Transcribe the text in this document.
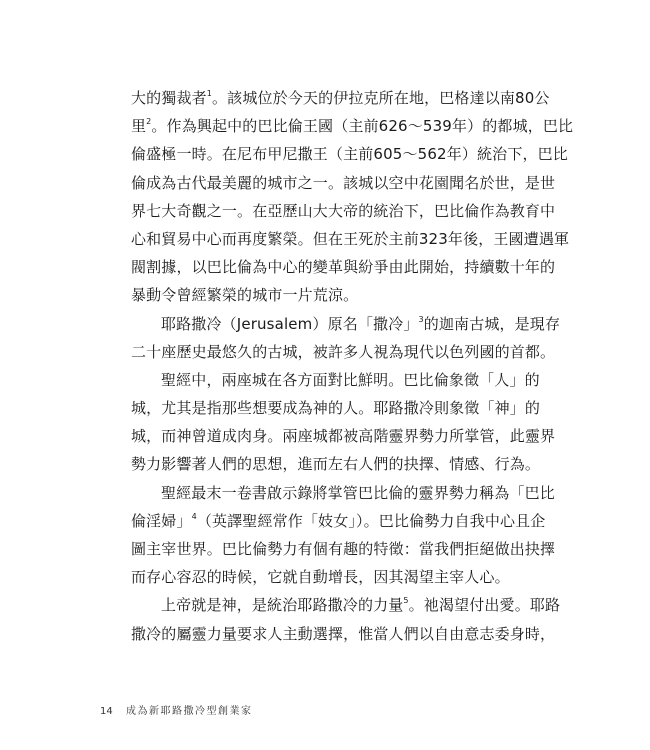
大的獨裁者$^1$。該城位於今天的伊拉克所在地，巴格達以南80公
里$^2$。作為興起中的巴比倫王國（主前626～539年）的都城，巴比
倫盛極一時。在尼布甲尼撒王（主前605～562年）統治下，巴比
倫成為古代最美麗的城市之一。該城以空中花園聞名於世，是世
界七大奇觀之一。在亞歷山大大帝的統治下，巴比倫作為教育中
心和貿易中心而再度繁榮。但在王死於主前323年後，王國遭遇軍
閥割據，以巴比倫為中心的變革與紛爭由此開始，持續數十年的
暴動令曾經繁榮的城市一片荒涼。
耶路撒冷（Jerusalem）原名「撒冷」$^3$的迦南古城，是現存
二十座歷史最悠久的古城，被許多人視為現代以色列國的首都。
聖經中，兩座城在各方面對比鮮明。巴比倫象徵「人」的
城，尤其是指那些想要成為神的人。耶路撒冷則象徵「神」的
城，而神曾道成肉身。兩座城都被高階靈界勢力所掌管，此靈界
勢力影響著人們的思想，進而左右人們的抉擇、情感、行為。
聖經最末一卷書啟示錄將掌管巴比倫的靈界勢力稱為「巴比
倫淫婦」$^4$（英譯聖經常作「妓女」）。巴比倫勢力自我中心且企
圖主宰世界。巴比倫勢力有個有趣的特徵：當我們拒絕做出抉擇
而存心容忍的時候，它就自動增長，因其渴望主宰人心。
上帝就是神，是統治耶路撒冷的力量$^5$。祂渴望付出愛。耶路
撒冷的屬靈力量要求人主動選擇，惟當人們以自由意志委身時，
14 成為新耶路撒冷型創業家
